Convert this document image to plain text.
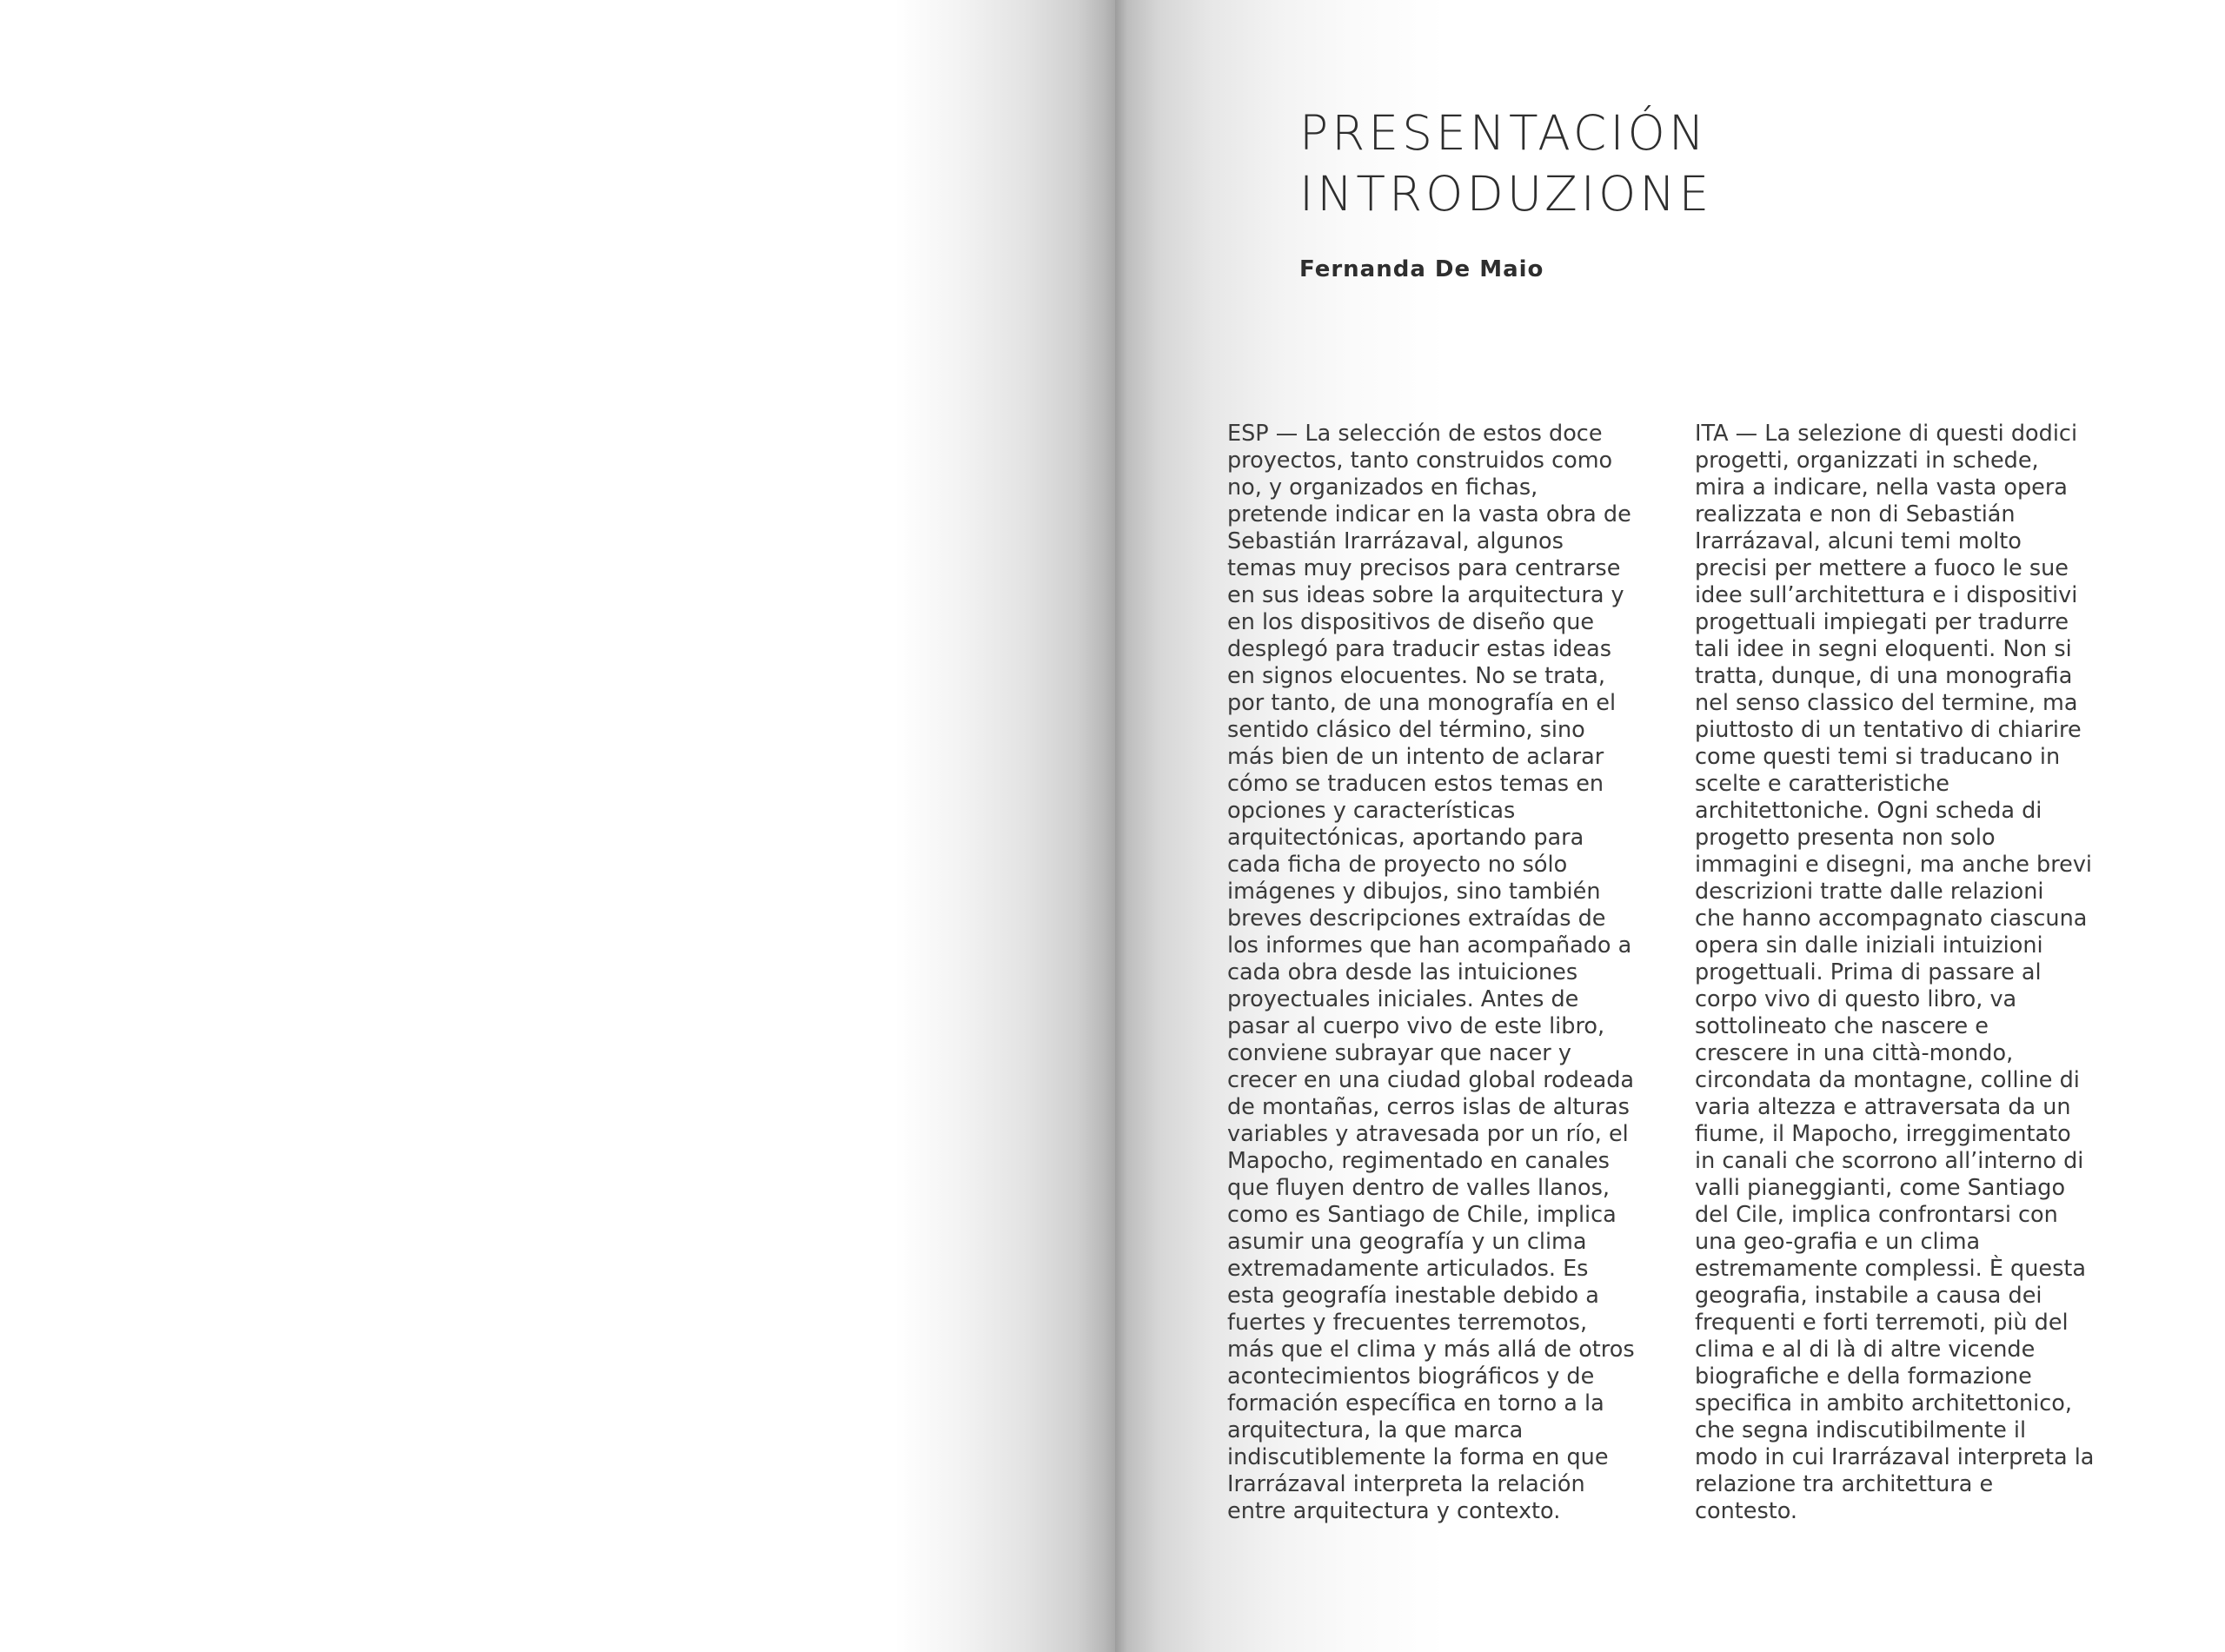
PRESENTACIÓN
INTRODUZIONE
Fernanda De Maio

ESP — La selección de estos doce
proyectos, tanto construidos como
no, y organizados en fichas,
pretende indicar en la vasta obra de
Sebastián Irarrázaval, algunos
temas muy precisos para centrarse
en sus ideas sobre la arquitectura y
en los dispositivos de diseño que
desplegó para traducir estas ideas
en signos elocuentes. No se trata,
por tanto, de una monografía en el
sentido clásico del término, sino
más bien de un intento de aclarar
cómo se traducen estos temas en
opciones y características
arquitectónicas, aportando para
cada ficha de proyecto no sólo
imágenes y dibujos, sino también
breves descripciones extraídas de
los informes que han acompañado a
cada obra desde las intuiciones
proyectuales iniciales. Antes de
pasar al cuerpo vivo de este libro,
conviene subrayar que nacer y
crecer en una ciudad global rodeada
de montañas, cerros islas de alturas
variables y atravesada por un río, el
Mapocho, regimentado en canales
que fluyen dentro de valles llanos,
como es Santiago de Chile, implica
asumir una geografía y un clima
extremadamente articulados. Es
esta geografía inestable debido a
fuertes y frecuentes terremotos,
más que el clima y más allá de otros
acontecimientos biográficos y de
formación específica en torno a la
arquitectura, la que marca
indiscutiblemente la forma en que
Irarrázaval interpreta la relación
entre arquitectura y contexto.

ITA — La selezione di questi dodici
progetti, organizzati in schede,
mira a indicare, nella vasta opera
realizzata e non di Sebastián
Irarrázaval, alcuni temi molto
precisi per mettere a fuoco le sue
idee sull’architettura e i dispositivi
progettuali impiegati per tradurre
tali idee in segni eloquenti. Non si
tratta, dunque, di una monografia
nel senso classico del termine, ma
piuttosto di un tentativo di chiarire
come questi temi si traducano in
scelte e caratteristiche
architettoniche. Ogni scheda di
progetto presenta non solo
immagini e disegni, ma anche brevi
descrizioni tratte dalle relazioni
che hanno accompagnato ciascuna
opera sin dalle iniziali intuizioni
progettuali. Prima di passare al
corpo vivo di questo libro, va
sottolineato che nascere e
crescere in una città-mondo,
circondata da montagne, colline di
varia altezza e attraversata da un
fiume, il Mapocho, irreggimentato
in canali che scorrono all’interno di
valli pianeggianti, come Santiago
del Cile, implica confrontarsi con
una geo-grafia e un clima
estremamente complessi. È questa
geografia, instabile a causa dei
frequenti e forti terremoti, più del
clima e al di là di altre vicende
biografiche e della formazione
specifica in ambito architettonico,
che segna indiscutibilmente il
modo in cui Irarrázaval interpreta la
relazione tra architettura e
contesto.
